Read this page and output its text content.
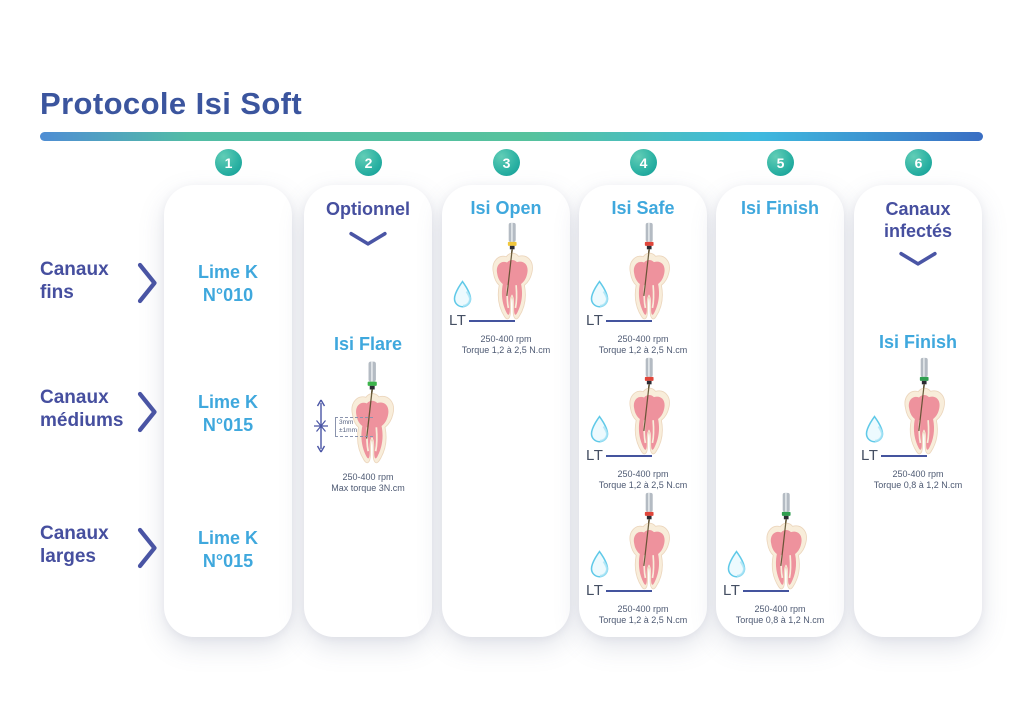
Protocole Isi Soft
1	2	3	4	5	6
Canaux
fins
Canaux
médiums
Canaux
larges
Lime K
N°010
Lime K
N°015
Lime K
N°015
Optionnel
Isi Flare
3mm
±1mm
250-400 rpm
Max torque 3N.cm
Isi Open
LT
250-400 rpm
Torque 1,2 à 2,5 N.cm
Isi Safe
LT
250-400 rpm
Torque 1,2 à 2,5 N.cm
LT
250-400 rpm
Torque 1,2 à 2,5 N.cm
LT
250-400 rpm
Torque 1,2 à 2,5 N.cm
Isi Finish
LT
250-400 rpm
Torque 0,8 à 1,2 N.cm
Canaux
infectés
Isi Finish
LT
250-400 rpm
Torque 0,8 à 1,2 N.cm
